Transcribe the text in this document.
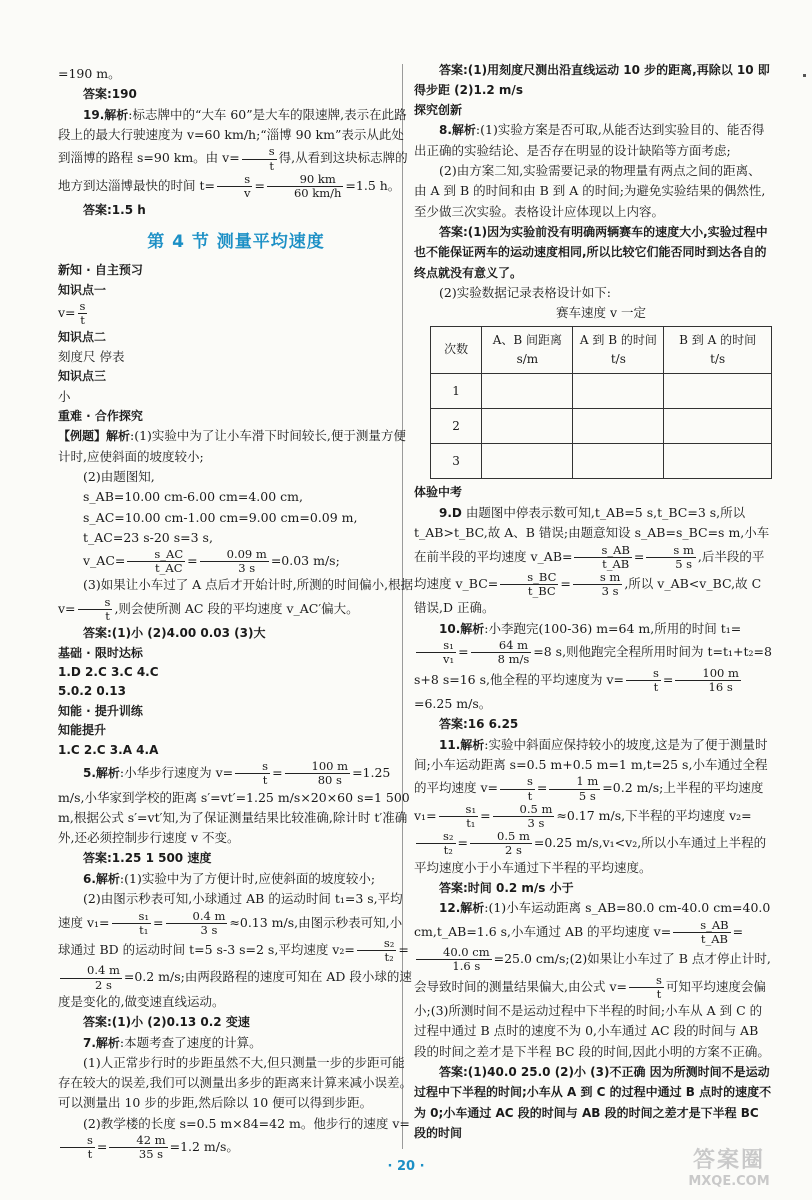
=190 m。

答案:190

19.解析:标志牌中的“大车 60”是大车的限速牌,表示在此路段上的最大行驶速度为 v=60 km/h;“淄博 90 km”表示从此处到淄博的路程 s=90 km。由 $v= \frac{s}{t}$ 得,从看到这块标志牌的地方到达淄博最快的时间 $t= \frac{s}{v} = \frac{90 km}{60 km/h} =1.5$ h。

答案:1.5 h

第 4 节 测量平均速度

新知 · 自主预习

知识点一

$v= \frac{s}{t}$

知识点二

刻度尺 停表

知识点三

小

重难 · 合作探究

【例题】解析:(1)实验中为了让小车滑下时间较长,便于测量方便计时,应使斜面的坡度较小;

(2)由题图知,

s_AB=10.00 cm-6.00 cm=4.00 cm,

s_AC=10.00 cm-1.00 cm=9.00 cm=0.09 m,

t_AC=23 s-20 s=3 s,

v_AC= $\frac{s\_AC}{t\_AC} = \frac{0.09 m}{3 s} =0.03$ m/s;

(3)如果让小车过了 A 点后才开始计时,所测的时间偏小,根据 $v= \frac{s}{t}$ ,则会使所测 AC 段的平均速度 v_AC′偏大。

答案:(1)小 (2)4.00 0.03 (3)大

基础 · 限时达标

1.D 2.C 3.C 4.C

5.0.2 0.13

知能 · 提升训练

知能提升

1.C 2.C 3.A 4.A

5.解析:小华步行速度为 $v= \frac{s}{t} = \frac{100 m}{80 s} =1.25$ m/s,小华家到学校的距离 s′=vt′=1.25 m/s×20×60 s=1 500 m,根据公式 s′=vt′知,为了保证测量结果比较准确,除计时 t′准确外,还必须控制步行速度 v 不变。

答案:1.25 1 500 速度

6.解析:(1)实验中为了方便计时,应使斜面的坡度较小;

(2)由图示秒表可知,小球通过 AB 的运动时间 t₁=3 s,平均速度 $v_1= \frac{\text{s₁}}{\text{t₁}} = \frac{0.4 m}{3 s} \approx 0.13$ m/s,由图示秒表可知,小球通过 BD 的运动时间 t=5 s-3 s=2 s,平均速度 $v_2= \frac{\text{s₂}}{\text{t₂}}$ =
$\frac{0.4 m}{2 s} =0.2$ m/s;由两段路程的速度可知在 AD 段小球的速度是变化的,做变速直线运动。

答案:(1)小 (2)0.13 0.2 变速

7.解析:本题考查了速度的计算。

(1)人正常步行时的步距虽然不大,但只测量一步的步距可能存在较大的误差,我们可以测量出多步的距离来计算来减小误差。可以测量出 10 步的步距,然后除以 10 便可以得到步距。

(2)教学楼的长度 s=0.5 m×84=42 m。他步行的速度 v=
$\frac{s}{t} = \frac{42 m}{35 s} =1.2$ m/s。

答案:(1)用刻度尺测出沿直线运动 10 步的距离,再除以 10 即得步距 (2)1.2 m/s

探究创新

8.解析:(1)实验方案是否可取,从能否达到实验目的、能否得出正确的实验结论、是否存在明显的设计缺陷等方面考虑;

(2)由方案二知,实验需要记录的物理量有两点之间的距离、由 A 到 B 的时间和由 B 到 A 的时间;为避免实验结果的偶然性,至少做三次实验。表格设计应体现以上内容。

答案:(1)因为实验前没有明确两辆赛车的速度大小,实验过程中也不能保证两车的运动速度相同,所以比较它们能否同时到达各自的终点就没有意义了。

(2)实验数据记录表格设计如下:

赛车速度 v 一定
次数	A、B 间距离 s/m	A 到 B 的时间 t/s	B 到 A 的时间 t/s
1			
2			
3			

体验中考

9.D 由题图中停表示数可知,t_AB=5 s,t_BC=3 s,所以 t_AB>t_BC,故 A、B 错误;由题意知设 s_AB=s_BC=s m,小车在前半段的平均速度 v_AB= $\frac{s\_AB}{t\_AB} = \frac{\text{s m}}{5 s}$ ,后半段的平均速度 v_BC= $\frac{s\_BC}{t\_BC} = \frac{\text{s m}}{3 s}$ ,所以 v_AB<v_BC,故 C 错误,D 正确。

10.解析:小李跑完(100-36) m=64 m,所用的时间 t₁=
$\frac{\text{s₁}}{\text{v₁}} = \frac{64 m}{8 m/s} =8$ s,则他跑完全程所用时间为 t=t₁+t₂=8 s+8 s=16 s,他全程的平均速度为 $v= \frac{s}{t} = \frac{100 m}{16 s}$
=6.25 m/s。

答案:16 6.25

11.解析:实验中斜面应保持较小的坡度,这是为了便于测量时间;小车运动距离 s=0.5 m+0.5 m=1 m,t=25 s,小车通过全程的平均速度 $v= \frac{s}{t} = \frac{1 m}{5 s} =0.2$ m/s;上半程的平均速度 $v_1= \frac{\text{s₁}}{\text{t₁}} = \frac{0.5 m}{3 s} \approx 0.17$ m/s,下半程的平均速度 v₂=
$\frac{\text{s₂}}{\text{t₂}} = \frac{0.5 m}{2 s} =0.25$ m/s,v₁<v₂,所以小车通过上半程的平均速度小于小车通过下半程的平均速度。

答案:时间 0.2 m/s 小于

12.解析:(1)小车运动距离 s_AB=80.0 cm-40.0 cm=40.0 cm,t_AB=1.6 s,小车通过 AB 的平均速度 $v= \frac{s\_AB}{t\_AB}$ =
$\frac{40.0 cm}{1.6 s} =25.0$ cm/s;(2)如果让小车过了 B 点才停止计时,会导致时间的测量结果偏大,由公式 $v= \frac{s}{t}$ 可知平均速度会偏小;(3)所测时间不是运动过程中下半程的时间;小车从 A 到 C 的过程中通过 B 点时的速度不为 0,小车通过 AC 段的时间与 AB 段的时间之差才是下半程 BC 段的时间,因此小明的方案不正确。

答案:(1)40.0 25.0 (2)小 (3)不正确 因为所测时间不是运动过程中下半程的时间;小车从 A 到 C 的过程中通过 B 点时的速度不为 0;小车通过 AC 段的时间与 AB 段的时间之差才是下半程 BC 段的时间

· 20 ·	答案圈
MXQE.COM
